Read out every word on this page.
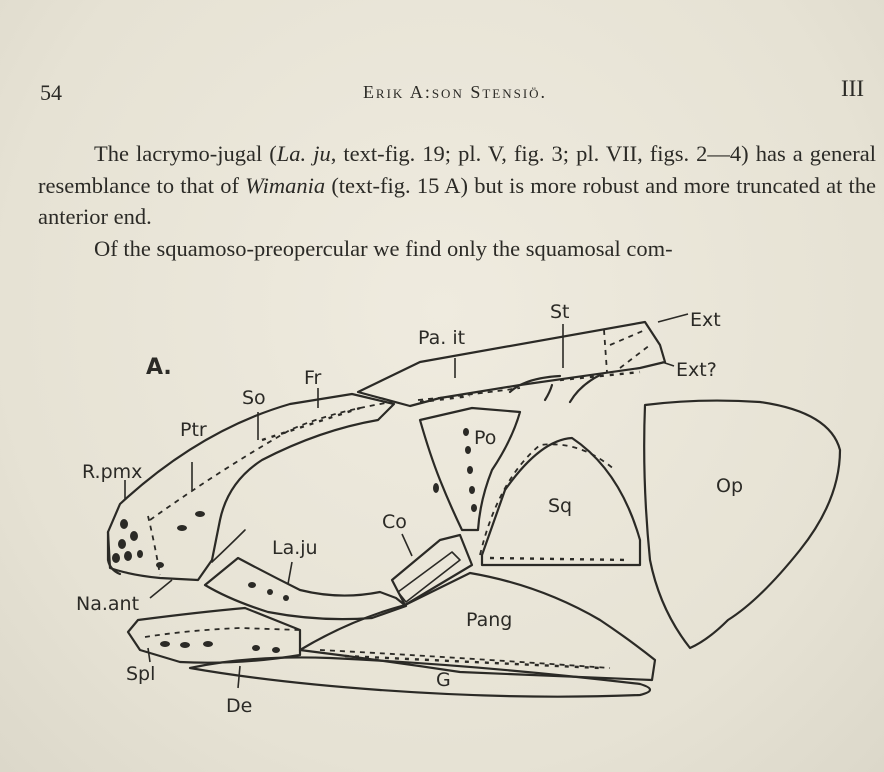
54	Erik A:son Stensiö.	III

The lacrymo-jugal (La. ju, text-fig. 19; pl. V, fig. 3; pl. VII, figs. 2—4) has a general resemblance to that of Wimania (text-fig. 15 A) but is more robust and more truncated at the anterior end.

Of the squamoso-preopercular we find only the squamosal com-

A.
Pa. it
St	Ext
Ext?
Fr
So
Ptr
R.pmx
Po
Sq
Op
Co
La.ju
Na.ant
Pang
Spl	G
De
